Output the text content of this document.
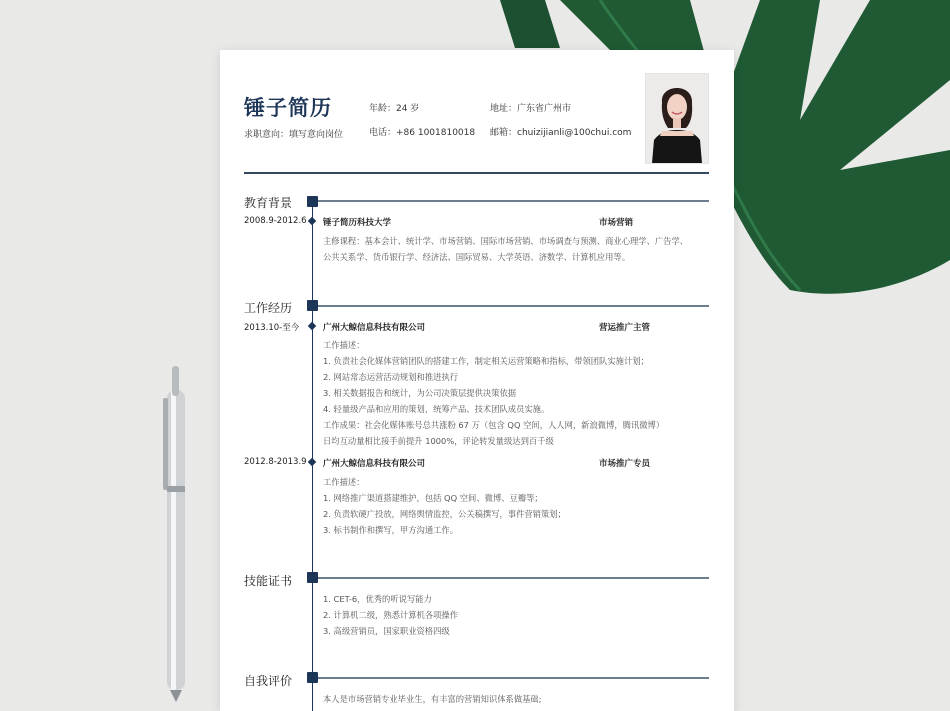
锤子简历
求职意向：填写意向岗位
年龄：24 岁	地址：广东省广州市
电话：+86 1001810018 邮箱：chuizijianli@100chui.com
教育背景
2008.9-2012.6 锤子简历科技大学	市场营销
主修课程：基本会计、统计学、市场营销、国际市场营销、市场调查与预测、商业心理学、广告学、
公共关系学、货币银行学、经济法、国际贸易、大学英语、济数学、计算机应用等。
工作经历
2013.10-至今	广州大鲸信息科技有限公司	营运推广主管
工作描述：
1. 负责社会化媒体营销团队的搭建工作，制定相关运营策略和指标，带领团队实施计划；
2. 网站常态运营活动规划和推进执行
3. 相关数据报告和统计，为公司决策层提供决策依据
4. 轻量级产品和应用的策划，统筹产品、技术团队成员实施。
工作成果：社会化媒体账号总共涨粉 67 万（包含 QQ 空间，人人网，新浪微博，腾讯微博）
日均互动量相比接手前提升 1000%，评论转发量级达到百千级
2012.8-2013.9 广州大鲸信息科技有限公司	市场推广专员
工作描述：
1. 网络推广渠道搭建维护，包括 QQ 空间、微博、豆瓣等；
2. 负责软硬广投放，网络舆情监控，公关稿撰写，事件营销策划；
3. 标书制作和撰写，甲方沟通工作。
技能证书
1. CET-6，优秀的听说写能力
2. 计算机二级，熟悉计算机各项操作
3. 高级营销员，国家职业资格四级
自我评价
本人是市场营销专业毕业生，有丰富的营销知识体系做基础;
